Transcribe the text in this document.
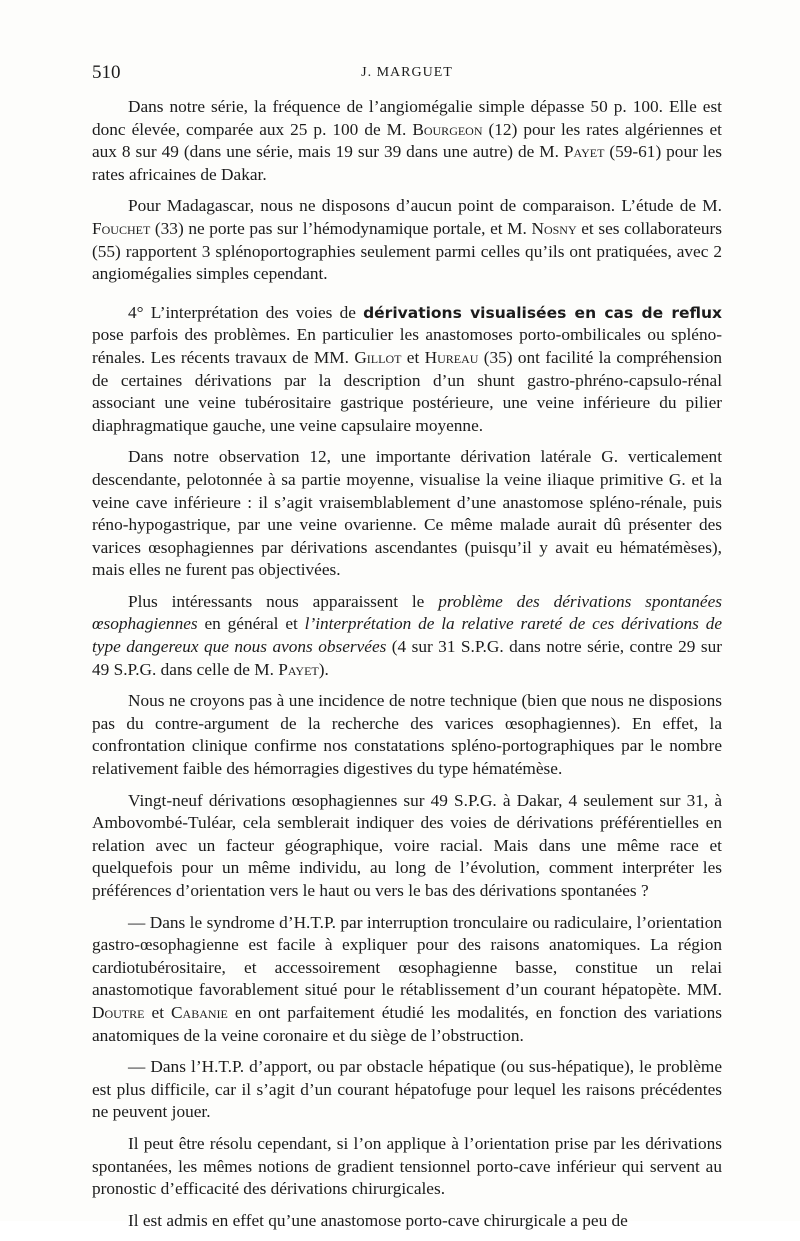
510	J. MARGUET

Dans notre série, la fréquence de l’angiomégalie simple dépasse 50 p. 100. Elle est donc élevée, comparée aux 25 p. 100 de M. Bourgeon (12) pour les rates algériennes et aux 8 sur 49 (dans une série, mais 19 sur 39 dans une autre) de M. Payet (59-61) pour les rates africaines de Dakar.

Pour Madagascar, nous ne disposons d’aucun point de comparaison. L’étude de M. Fouchet (33) ne porte pas sur l’hémodynamique portale, et M. Nosny et ses collaborateurs (55) rapportent 3 splénoportographies seulement parmi celles qu’ils ont pratiquées, avec 2 angiomégalies simples cependant.

4° L’interprétation des voies de dérivations visualisées en cas de reflux pose parfois des problèmes. En particulier les anastomoses porto-ombilicales ou spléno-rénales. Les récents travaux de MM. Gillot et Hureau (35) ont facilité la compréhension de certaines dérivations par la description d’un shunt gastro-phréno-capsulo-rénal associant une veine tubérositaire gastrique postérieure, une veine inférieure du pilier diaphragmatique gauche, une veine capsulaire moyenne.

Dans notre observation 12, une importante dérivation latérale G. verticalement descendante, pelotonnée à sa partie moyenne, visualise la veine iliaque primitive G. et la veine cave inférieure : il s’agit vraisemblablement d’une anastomose spléno-rénale, puis réno-hypogastrique, par une veine ovarienne. Ce même malade aurait dû présenter des varices œsophagiennes par dérivations ascendantes (puisqu’il y avait eu hématémèses), mais elles ne furent pas objectivées.

Plus intéressants nous apparaissent le problème des dérivations spontanées œsophagiennes en général et l’interprétation de la relative rareté de ces dérivations de type dangereux que nous avons observées (4 sur 31 S.P.G. dans notre série, contre 29 sur 49 S.P.G. dans celle de M. Payet).

Nous ne croyons pas à une incidence de notre technique (bien que nous ne disposions pas du contre-argument de la recherche des varices œsophagiennes). En effet, la confrontation clinique confirme nos constatations spléno-portographiques par le nombre relativement faible des hémorragies digestives du type hématémèse.

Vingt-neuf dérivations œsophagiennes sur 49 S.P.G. à Dakar, 4 seulement sur 31, à Ambovombé-Tuléar, cela semblerait indiquer des voies de dérivations préférentielles en relation avec un facteur géographique, voire racial. Mais dans une même race et quelquefois pour un même individu, au long de l’évolution, comment interpréter les préférences d’orientation vers le haut ou vers le bas des dérivations spontanées ?

— Dans le syndrome d’H.T.P. par interruption tronculaire ou radiculaire, l’orientation gastro-œsophagienne est facile à expliquer pour des raisons anatomiques. La région cardiotubérositaire, et accessoirement œsophagienne basse, constitue un relai anastomotique favorablement situé pour le rétablissement d’un courant hépatopète. MM. Doutre et Cabanie en ont parfaitement étudié les modalités, en fonction des variations anatomiques de la veine coronaire et du siège de l’obstruction.

— Dans l’H.T.P. d’apport, ou par obstacle hépatique (ou sus-hépatique), le problème est plus difficile, car il s’agit d’un courant hépatofuge pour lequel les raisons précédentes ne peuvent jouer.

Il peut être résolu cependant, si l’on applique à l’orientation prise par les dérivations spontanées, les mêmes notions de gradient tensionnel porto-cave inférieur qui servent au pronostic d’efficacité des dérivations chirurgicales.

Il est admis en effet qu’une anastomose porto-cave chirurgicale a peu de
